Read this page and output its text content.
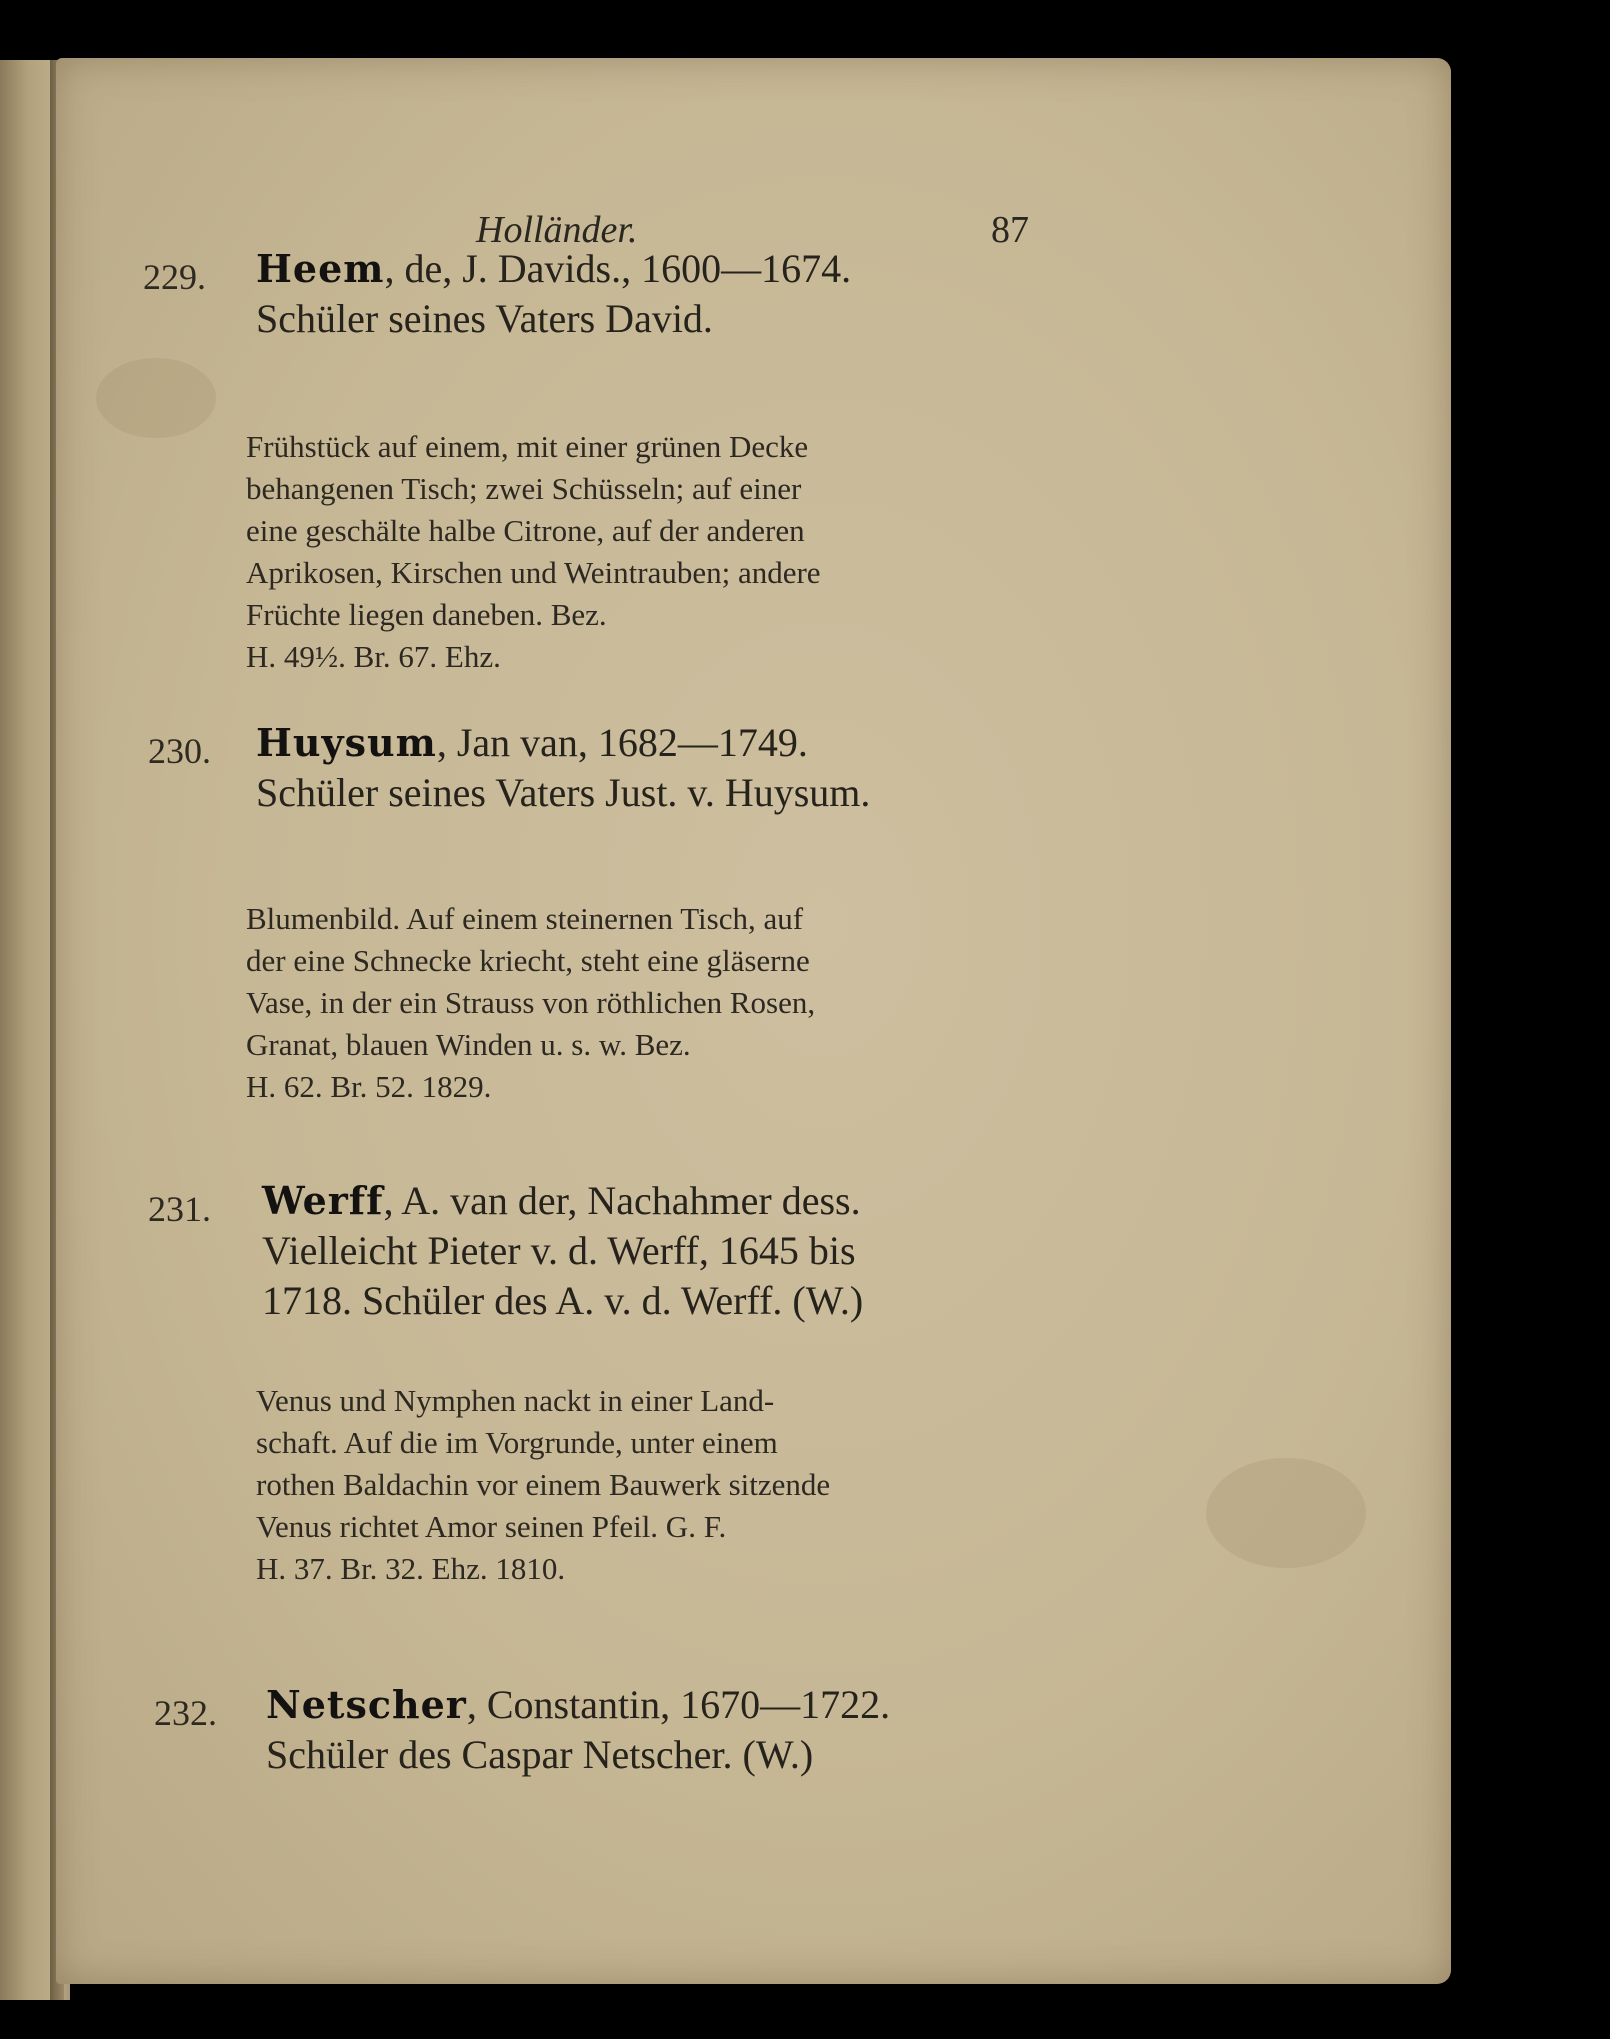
Holländer.	87
229. Heem, de, J. Davids., 1600—1674.
Schüler seines Vaters David.
Frühstück auf einem, mit einer grünen Decke
behangenen Tisch; zwei Schüsseln; auf einer
eine geschälte halbe Citrone, auf der anderen
Aprikosen, Kirschen und Weintrauben; andere
Früchte liegen daneben. Bez.
H. 49½. Br. 67. Ehz.
230. Huysum, Jan van, 1682—1749.
Schüler seines Vaters Just. v. Huysum.
Blumenbild. Auf einem steinernen Tisch, auf
der eine Schnecke kriecht, steht eine gläserne
Vase, in der ein Strauss von röthlichen Rosen,
Granat, blauen Winden u. s. w. Bez.
H. 62. Br. 52. 1829.
231. Werff, A. van der, Nachahmer dess.
Vielleicht Pieter v. d. Werff, 1645 bis
1718. Schüler des A. v. d. Werff. (W.)
Venus und Nymphen nackt in einer Land-
schaft. Auf die im Vorgrunde, unter einem
rothen Baldachin vor einem Bauwerk sitzende
Venus richtet Amor seinen Pfeil. G. F.
H. 37. Br. 32. Ehz. 1810.
232. Netscher, Constantin, 1670—1722.
Schüler des Caspar Netscher. (W.)
